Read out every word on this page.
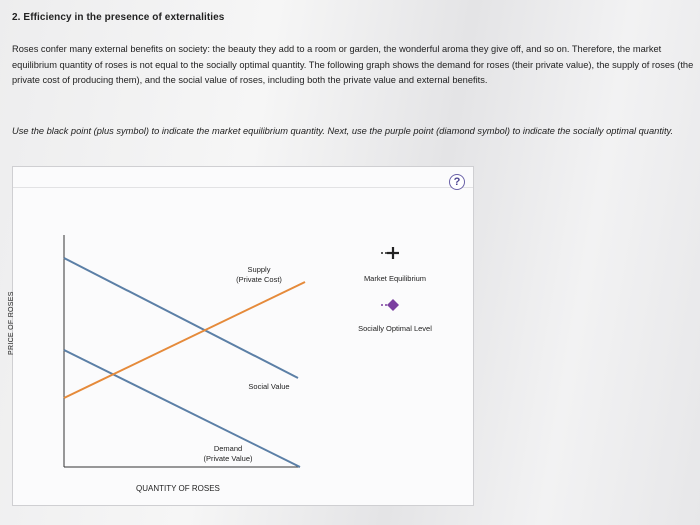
2. Efficiency in the presence of externalities
Roses confer many external benefits on society: the beauty they add to a room or garden, the wonderful aroma they give off, and so on. Therefore, the market equilibrium quantity of roses is not equal to the socially optimal quantity. The following graph shows the demand for roses (their private value), the supply of roses (the private cost of producing them), and the social value of roses, including both the private value and external benefits.
Use the black point (plus symbol) to indicate the market equilibrium quantity. Next, use the purple point (diamond symbol) to indicate the socially optimal quantity.
?
PRICE OF ROSES
QUANTITY OF ROSES
Supply
(Private Cost)
Social Value
Demand
(Private Value)
Market Equilibrium
Socially Optimal Level
